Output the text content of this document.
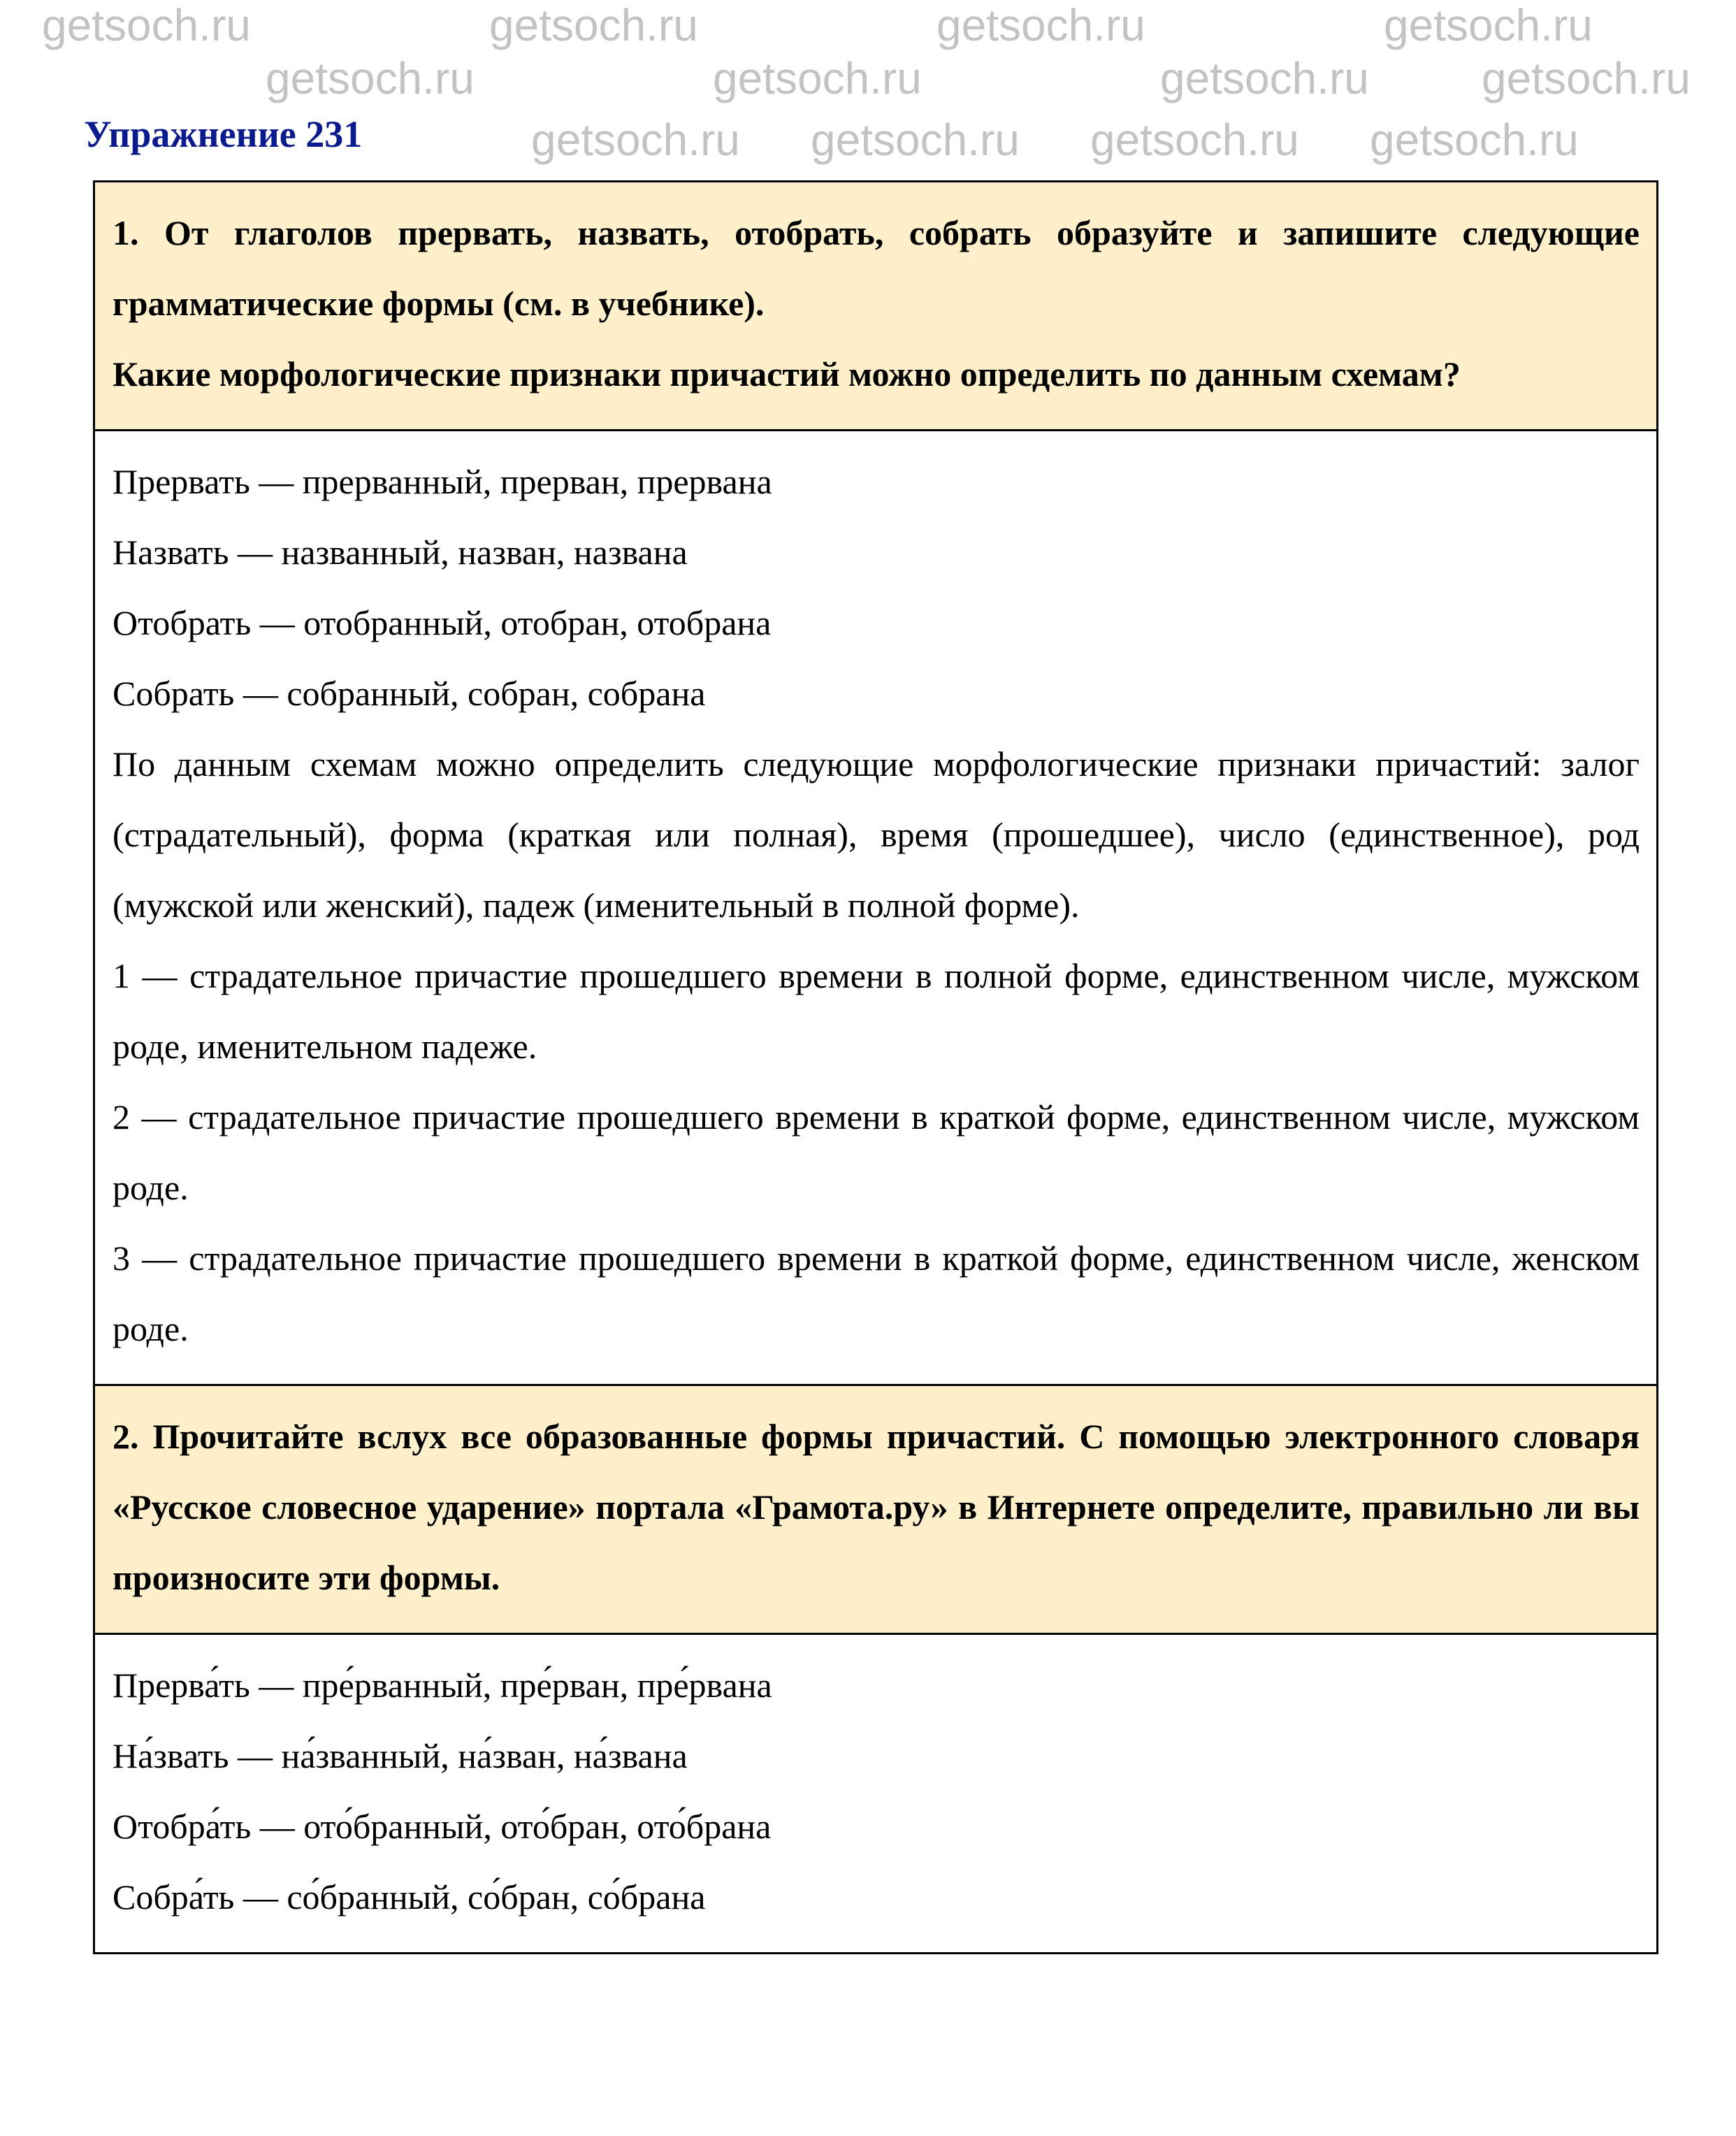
Упражнение 231

1. От глаголов прервать, назвать, отобрать, собрать образуйте и запишите следующие грамматические формы (см. в учебнике).

Какие морфологические признаки причастий можно определить по данным схемам?

Прервать — прерванный, прерван, прервана

Назвать — названный, назван, названа

Отобрать — отобранный, отобран, отобрана

Собрать — собранный, собран, собрана

По данным схемам можно определить следующие морфологические признаки причастий: залог (страдательный), форма (краткая или полная), время (прошедшее), число (единственное), род (мужской или женский), падеж (именительный в полной форме).

1 — страдательное причастие прошедшего времени в полной форме, единственном числе, мужском роде, именительном падеже.

2 — страдательное причастие прошедшего времени в краткой форме, единственном числе, мужском роде.

3 — страдательное причастие прошедшего времени в краткой форме, единственном числе, женском роде.

2. Прочитайте вслух все образованные формы причастий. С помощью электронного словаря «Русское словесное ударение» портала «Грамота.ру» в Интернете определите, правильно ли вы произносите эти формы.

Прерва́ть — пре́рванный, пре́рван, пре́рвана

На́звать — на́званный, на́зван, на́звана

Отобра́ть — ото́бранный, ото́бран, ото́брана

Собра́ть — со́бранный, со́бран, со́брана

getsoch.ru	getsoch.ru	getsoch.ru	getsoch.ru
getsoch.ru	getsoch.ru	getsoch.ru	getsoch.ru
getsoch.ru getsoch.ru getsoch.ru getsoch.ru
